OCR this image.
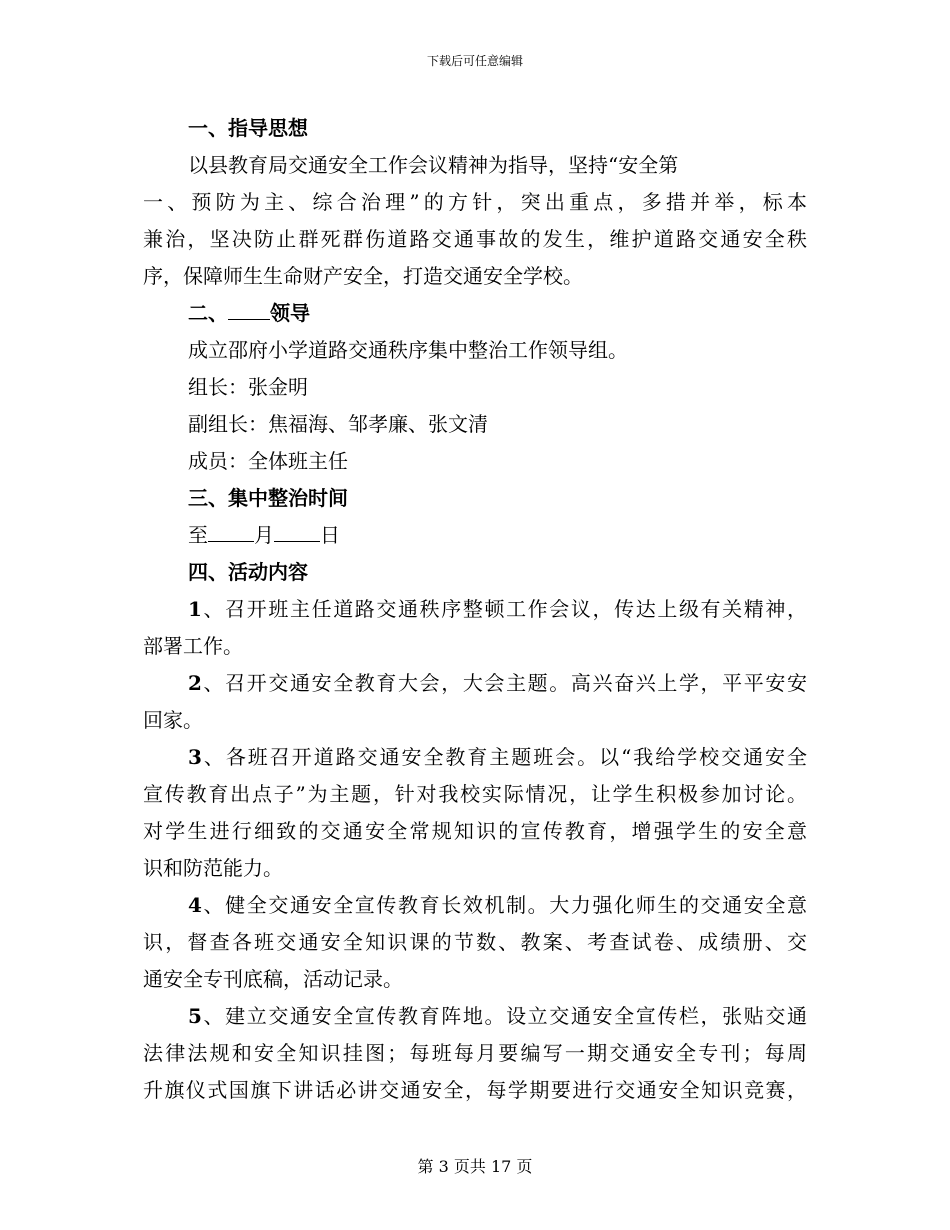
下载后可任意编辑
一、指导思想
以县教育局交通安全工作会议精神为指导，坚持“安全第
一、预防为主、综合治理”的方针，突出重点，多措并举，标本
兼治，坚决防止群死群伤道路交通事故的发生，维护道路交通安全秩
序，保障师生生命财产安全，打造交通安全学校。
二、 领导
成立邵府小学道路交通秩序集中整治工作领导组。
组长：张金明
副组长：焦福海、邹孝廉、张文清
成员：全体班主任
三、集中整治时间
至 月 日
四、活动内容
1、召开班主任道路交通秩序整顿工作会议，传达上级有关精神，
部署工作。
2、召开交通安全教育大会，大会主题。高兴奋兴上学，平平安安
回家。
3、各班召开道路交通安全教育主题班会。以“我给学校交通安全
宣传教育出点子”为主题，针对我校实际情况，让学生积极参加讨论。
对学生进行细致的交通安全常规知识的宣传教育，增强学生的安全意
识和防范能力。
4、健全交通安全宣传教育长效机制。大力强化师生的交通安全意
识，督查各班交通安全知识课的节数、教案、考查试卷、成绩册、交
通安全专刊底稿，活动记录。
5、建立交通安全宣传教育阵地。设立交通安全宣传栏，张贴交通
法律法规和安全知识挂图；每班每月要编写一期交通安全专刊；每周
升旗仪式国旗下讲话必讲交通安全，每学期要进行交通安全知识竞赛，
第 3 页共 17 页
